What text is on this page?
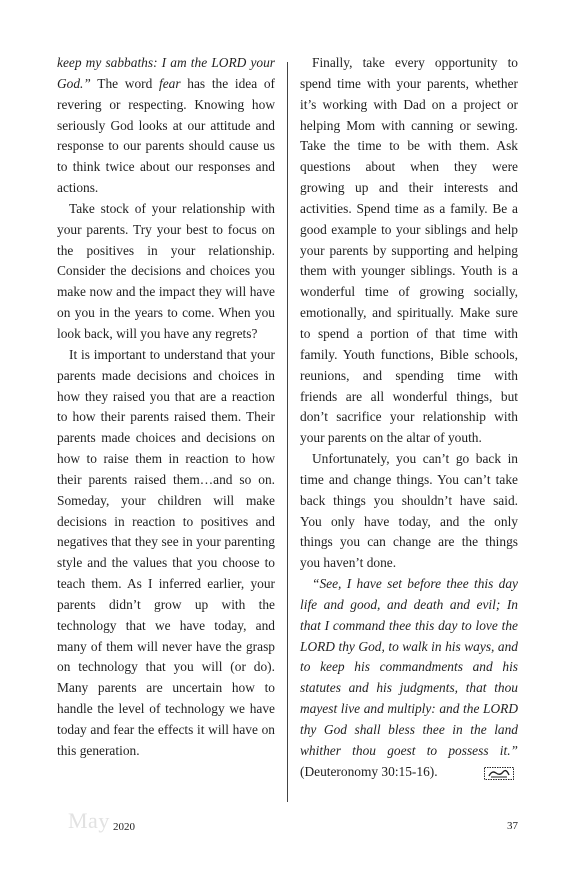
keep my sabbaths: I am the LORD your God.” The word fear has the idea of revering or respecting. Knowing how seriously God looks at our attitude and response to our parents should cause us to think twice about our responses and actions.

Take stock of your relationship with your parents. Try your best to focus on the positives in your relationship. Consider the decisions and choices you make now and the impact they will have on you in the years to come. When you look back, will you have any regrets?

It is important to understand that your parents made decisions and choices in how they raised you that are a reaction to how their parents raised them. Their parents made choices and decisions on how to raise them in reaction to how their parents raised them…and so on. Someday, your children will make decisions in reaction to positives and negatives that they see in your parenting style and the values that you choose to teach them. As I inferred earlier, your parents didn’t grow up with the technology that we have today, and many of them will never have the grasp on technology that you will (or do). Many parents are uncertain how to handle the level of technology we have today and fear the effects it will have on this generation.

Finally, take every opportunity to spend time with your parents, whether it’s working with Dad on a project or helping Mom with canning or sewing. Take the time to be with them. Ask questions about when they were growing up and their interests and activities. Spend time as a family. Be a good example to your siblings and help your parents by supporting and helping them with younger siblings. Youth is a wonderful time of growing socially, emotionally, and spiritually. Make sure to spend a portion of that time with family. Youth functions, Bible schools, reunions, and spending time with friends are all wonderful things, but don’t sacrifice your relationship with your parents on the altar of youth.

Unfortunately, you can’t go back in time and change things. You can’t take back things you shouldn’t have said. You only have today, and the only things you can change are the things you haven’t done.

“See, I have set before thee this day life and good, and death and evil; In that I command thee this day to love the LORD thy God, to walk in his ways, and to keep his commandments and his statutes and his judgments, that thou mayest live and multiply: and the LORD thy God shall bless thee in the land whither thou goest to possess it.” (Deuteronomy 30:15-16).

May 2020	37
